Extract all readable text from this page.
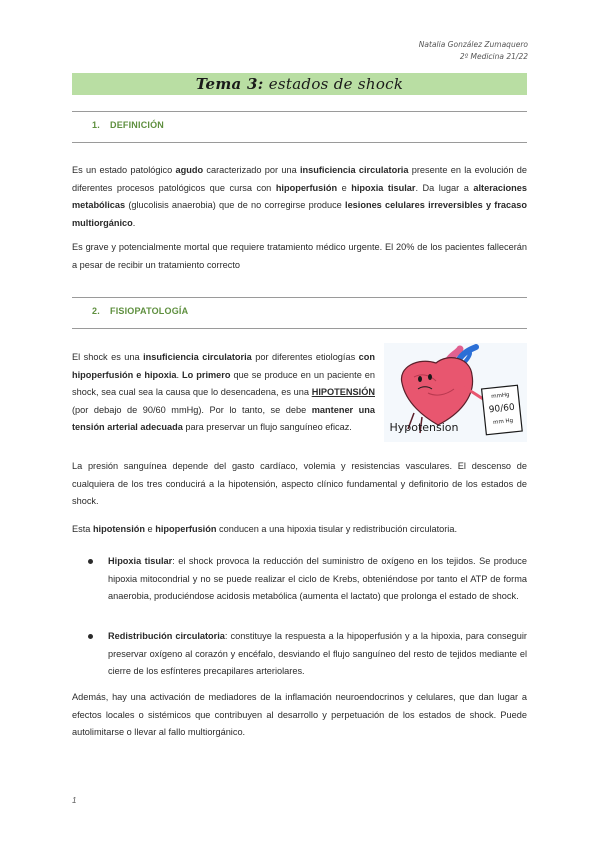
Natalia González Zumaquero
2º Medicina 21/22
Tema 3: estados de shock
1. DEFINICIÓN
Es un estado patológico agudo caracterizado por una insuficiencia circulatoria presente en la evolución de diferentes procesos patológicos que cursa con hipoperfusión e hipoxia tisular. Da lugar a alteraciones metabólicas (glucolisis anaerobia) que de no corregirse produce lesiones celulares irreversibles y fracaso multiorgánico.
Es grave y potencialmente mortal que requiere tratamiento médico urgente. El 20% de los pacientes fallecerán a pesar de recibir un tratamiento correcto
2. FISIOPATOLOGÍA
El shock es una insuficiencia circulatoria por diferentes etiologías con hipoperfusión e hipoxia. Lo primero que se produce en un paciente en shock, sea cual sea la causa que lo desencadena, es una HIPOTENSIÓN (por debajo de 90/60 mmHg). Por lo tanto, se debe mantener una tensión arterial adecuada para preservar un flujo sanguíneo eficaz.
mmHg
90/60
mm Hg
Hypotension
La presión sanguínea depende del gasto cardíaco, volemia y resistencias vasculares. El descenso de cualquiera de los tres conducirá a la hipotensión, aspecto clínico fundamental y definitorio de los estados de shock.
Esta hipotensión e hipoperfusión conducen a una hipoxia tisular y redistribución circulatoria.
Hipoxia tisular: el shock provoca la reducción del suministro de oxígeno en los tejidos. Se produce hipoxia mitocondrial y no se puede realizar el ciclo de Krebs, obteniéndose por tanto el ATP de forma anaerobia, produciéndose acidosis metabólica (aumenta el lactato) que prolonga el estado de shock.
Redistribución circulatoria: constituye la respuesta a la hipoperfusión y a la hipoxia, para conseguir preservar oxígeno al corazón y encéfalo, desviando el flujo sanguíneo del resto de tejidos mediante el cierre de los esfínteres precapilares arteriolares.
Además, hay una activación de mediadores de la inflamación neuroendocrinos y celulares, que dan lugar a efectos locales o sistémicos que contribuyen al desarrollo y perpetuación de los estados de shock. Puede autolimitarse o llevar al fallo multiorgánico.
1
